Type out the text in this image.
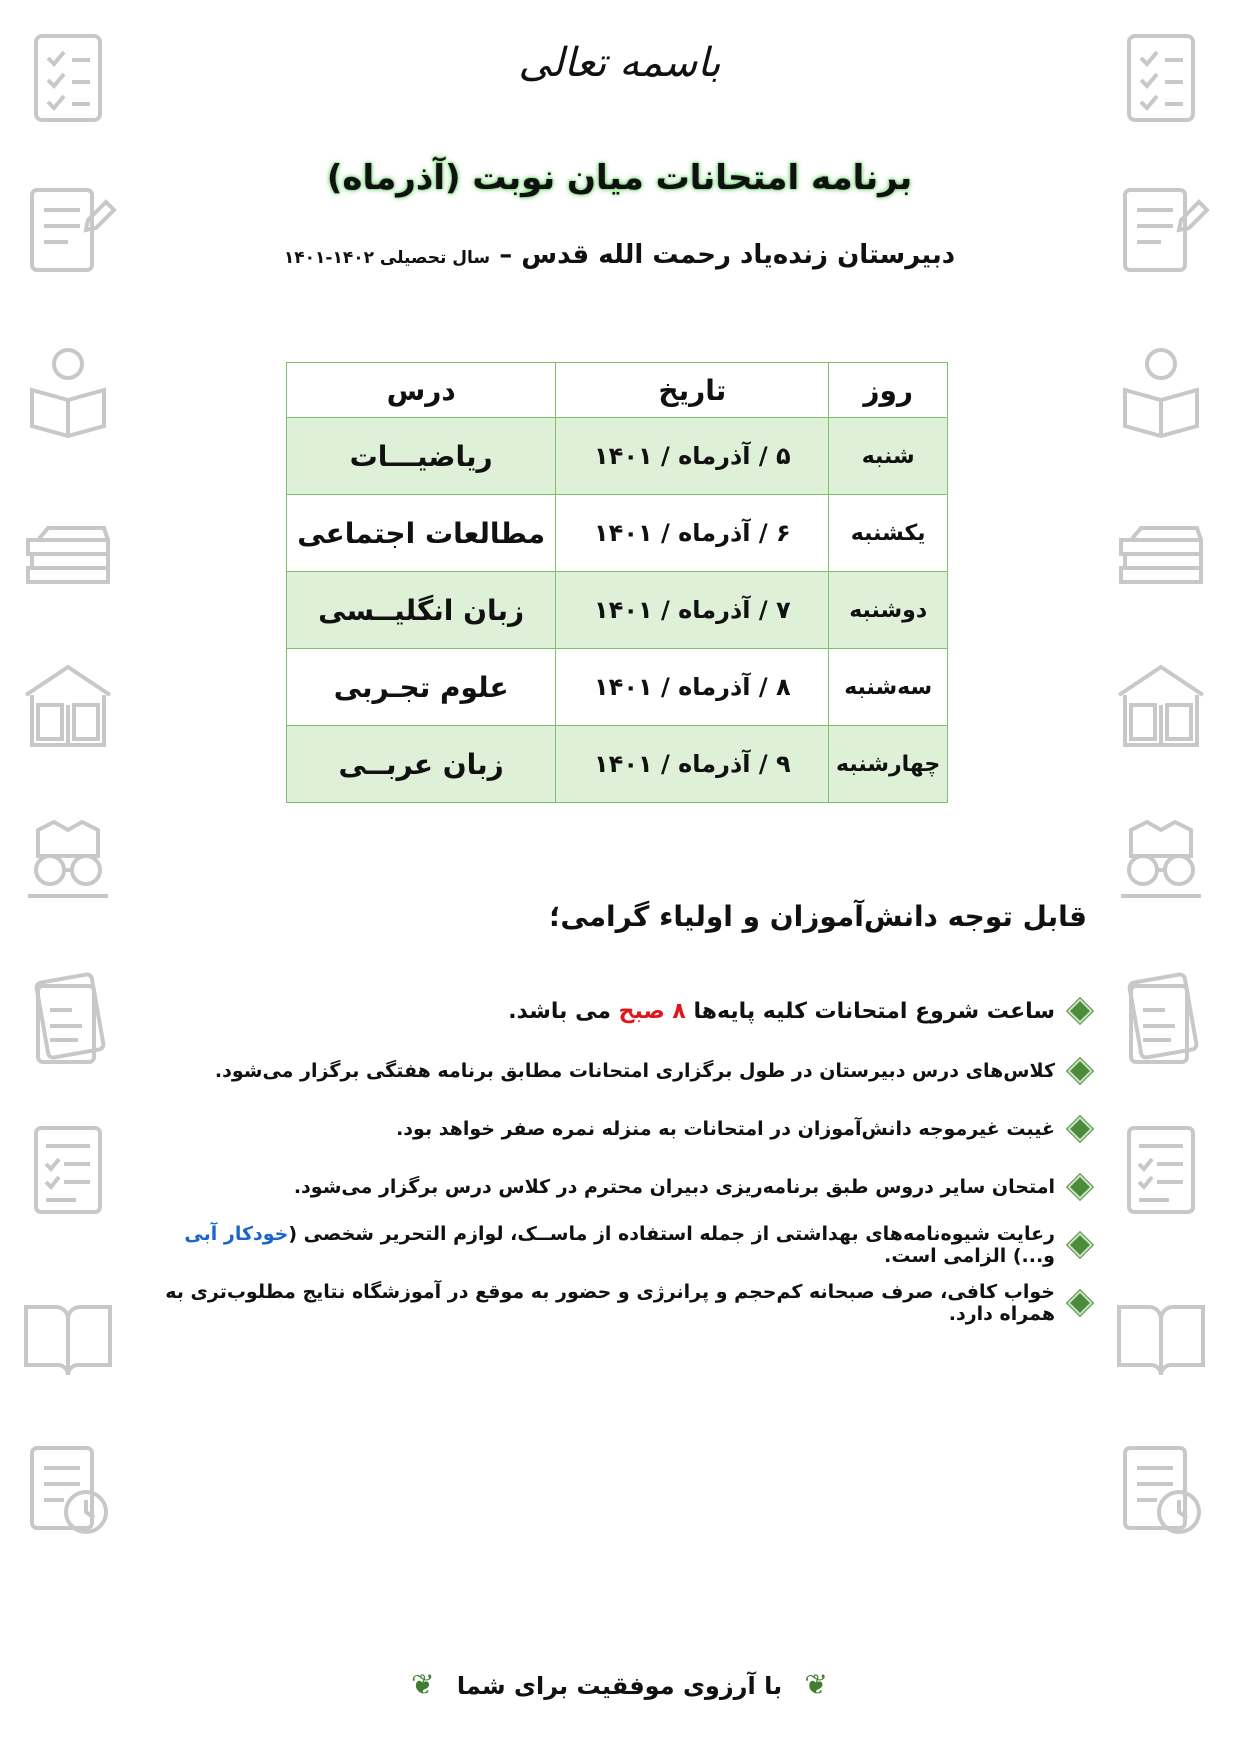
باسمه تعالی
برنامه امتحانات میان نوبت (آذرماه)
دبیرستان زنده‌یاد رحمت الله قدس – سال تحصیلی ۱۴۰۲-۱۴۰۱
روز	تاریخ	درس
شنبه	۵ / آذرماه / ۱۴۰۱	ریاضیـــات
یکشنبه	۶ / آذرماه / ۱۴۰۱	مطالعات اجتماعی
دوشنبه	۷ / آذرماه / ۱۴۰۱	زبان انگلیــسی
سه‌شنبه	۸ / آذرماه / ۱۴۰۱	علوم تجـربی
چهارشنبه	۹ / آذرماه / ۱۴۰۱	زبان عربــی
قابل توجه دانش‌آموزان و اولیاء گرامی؛
ساعت شروع امتحانات کلیه پایه‌ها ۸ صبح می باشد.
کلاس‌های درس دبیرستان در طول برگزاری امتحانات مطابق برنامه هفتگی برگزار می‌شود.
غیبت غیرموجه دانش‌آموزان در امتحانات به منزله نمره صفر خواهد بود.
امتحان سایر دروس طبق برنامه‌ریزی دبیران محترم در کلاس درس برگزار می‌شود.
رعایت شیوه‌نامه‌های بهداشتی از جمله استفاده از ماســک، لوازم التحریر شخصی (خودکار آبی و...) الزامی است.
خواب کافی، صرف صبحانه کم‌حجم و پرانرژی و حضور به موقع در آموزشگاه نتایج مطلوب‌تری به همراه دارد.
❦ با آرزوی موفقیت برای شما ❦
